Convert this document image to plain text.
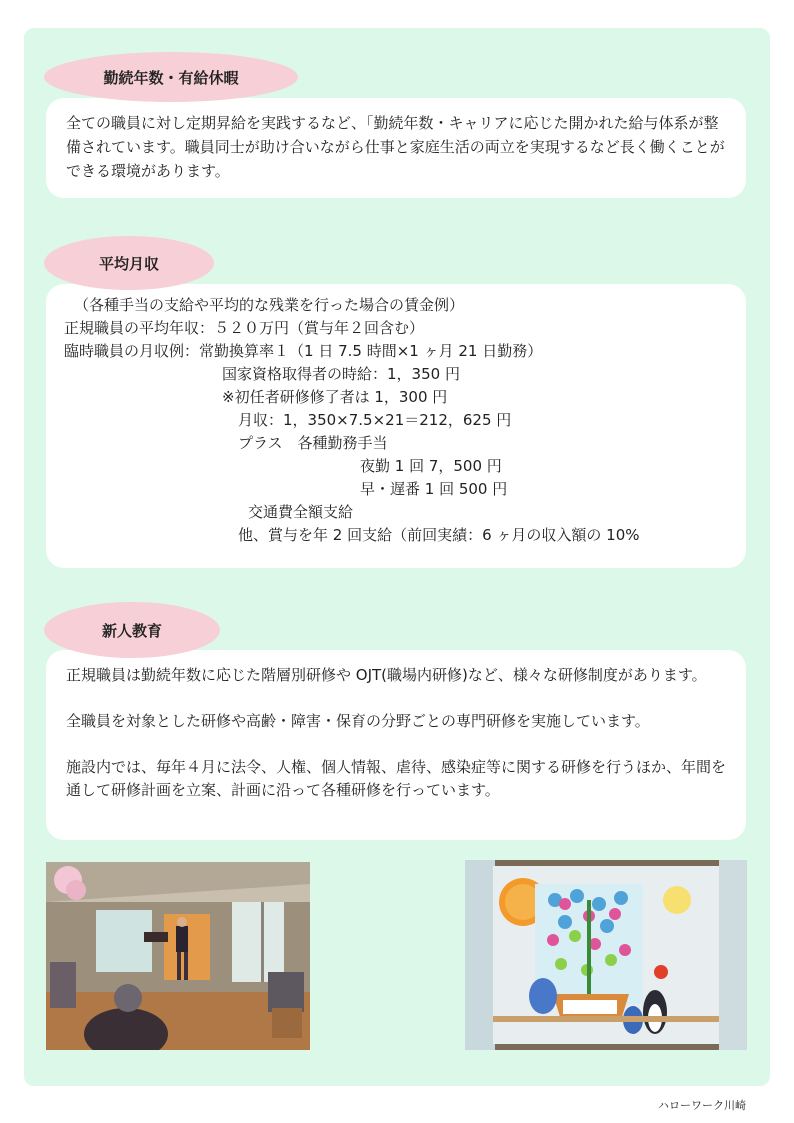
勤続年数・有給休暇

全ての職員に対し定期昇給を実践するなど、「勤続年数・キャリアに応じた開かれた給与体系が整備されています。職員同士が助け合いながら仕事と家庭生活の両立を実現するなど長く働くことができる環境があります。

平均月収
（各種手当の支給や平均的な残業を行った場合の賃金例）
正規職員の平均年収：５２０万円（賞与年２回含む）
臨時職員の月収例：常勤換算率１（1 日 7.5 時間×1 ヶ月 21 日勤務）
国家資格取得者の時給：1，350 円
※初任者研修修了者は 1，300 円
月収：1，350×7.5×21＝212，625 円
プラス　各種勤務手当
夜勤 1 回 7，500 円
早・遅番 1 回 500 円
交通費全額支給
他、賞与を年 2 回支給（前回実績：6 ヶ月の収入額の 10%
新人教育

正規職員は勤続年数に応じた階層別研修や OJT(職場内研修)など、様々な研修制度があります。

全職員を対象とした研修や高齢・障害・保育の分野ごとの専門研修を実施しています。

施設内では、毎年４月に法令、人権、個人情報、虐待、感染症等に関する研修を行うほか、年間を通して研修計画を立案、計画に沿って各種研修を行っています。

ハローワーク川崎
